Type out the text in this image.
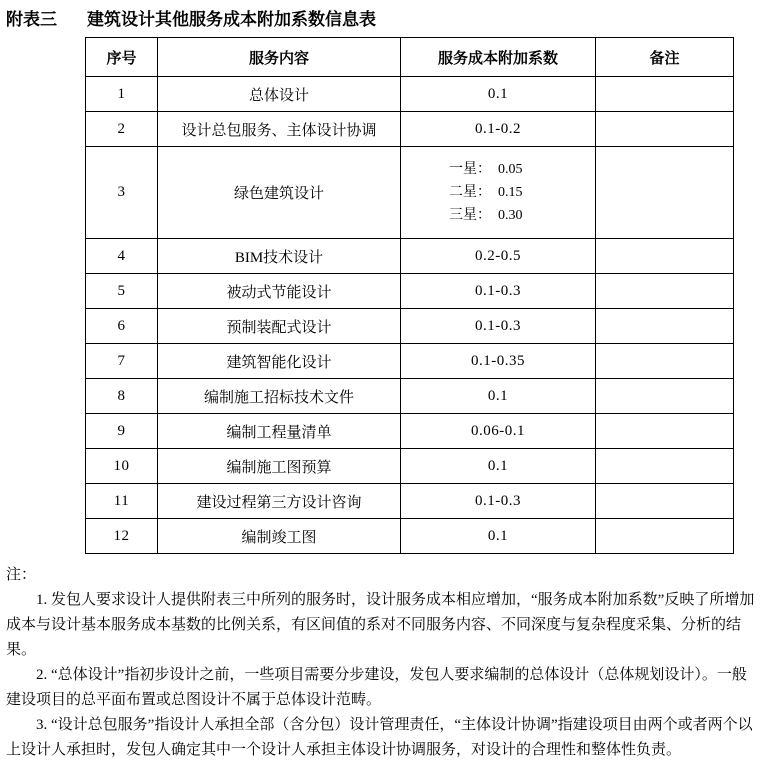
附表三 建筑设计其他服务成本附加系数信息表
序号	服务内容	服务成本附加系数	备注
1	总体设计	0.1	
2	设计总包服务、主体设计协调	0.1-0.2	
3	绿色建筑设计	一星：  0.05
二星：  0.15
三星：  0.30	

4	BIM技术设计	0.2-0.5	
5	被动式节能设计	0.1-0.3	
6	预制装配式设计	0.1-0.3	
7	建筑智能化设计	0.1-0.35	
8	编制施工招标技术文件	0.1	
9	编制工程量清单	0.06-0.1	
10	编制施工图预算	0.1	
11	建设过程第三方设计咨询	0.1-0.3	
12	编制竣工图	0.1	

注：

1. 发包人要求设计人提供附表三中所列的服务时，设计服务成本相应增加，“服务成本附加系数”反映了所增加成本与设计基本服务成本基数的比例关系，有区间值的系对不同服务内容、不同深度与复杂程度采集、分析的结果。

2. “总体设计”指初步设计之前，一些项目需要分步建设，发包人要求编制的总体设计（总体规划设计）。一般建设项目的总平面布置或总图设计不属于总体设计范畴。

3. “设计总包服务”指设计人承担全部（含分包）设计管理责任，“主体设计协调”指建设项目由两个或者两个以上设计人承担时，发包人确定其中一个设计人承担主体设计协调服务，对设计的合理性和整体性负责。
